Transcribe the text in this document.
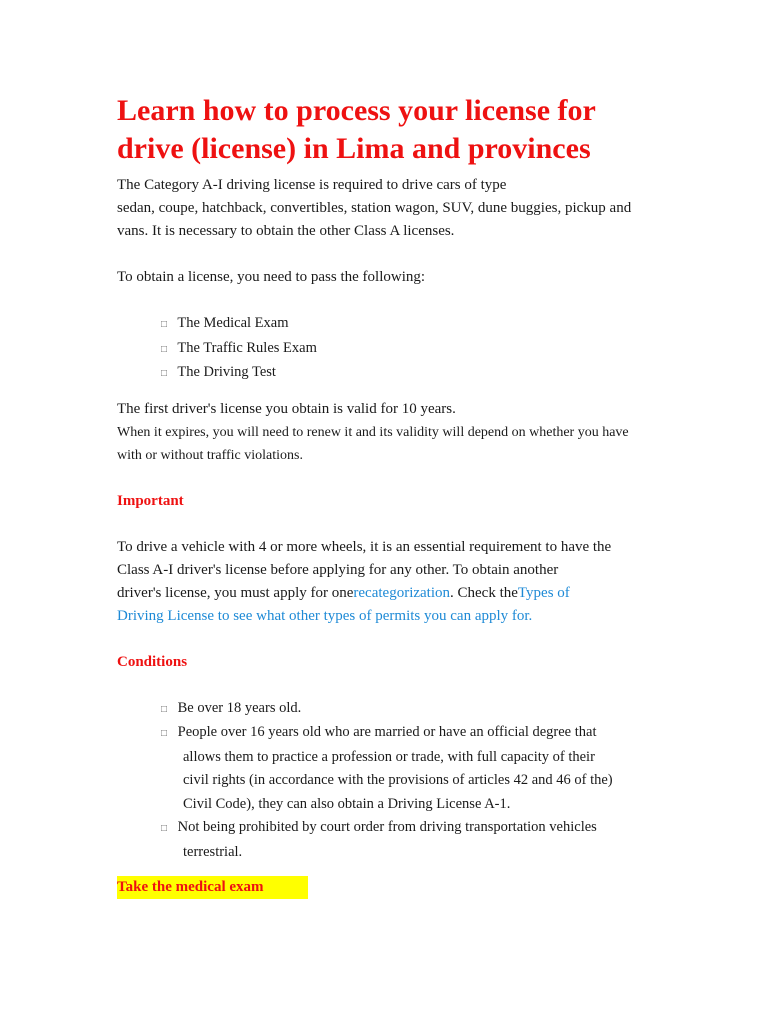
Learn how to process your license for drive (license) in Lima and provinces

The Category A-I driving license is required to drive cars of type

sedan, coupe, hatchback, convertibles, station wagon, SUV, dune buggies, pickup and

vans. It is necessary to obtain the other Class A licenses.

To obtain a license, you need to pass the following:

□ The Medical Exam
□ The Traffic Rules Exam
□ The Driving Test

The first driver's license you obtain is valid for 10 years.

When it expires, you will need to renew it and its validity will depend on whether you have

with or without traffic violations.

Important

To drive a vehicle with 4 or more wheels, it is an essential requirement to have the

Class A-I driver's license before applying for any other. To obtain another

driver's license, you must apply for onerecategorization. Check theTypes of

Driving License to see what other types of permits you can apply for.

Conditions
□ Be over 18 years old.
□ People over 16 years old who are married or have an official degree that
allows them to practice a profession or trade, with full capacity of their
civil rights (in accordance with the provisions of articles 42 and 46 of the)
Civil Code), they can also obtain a Driving License A-1.
□ Not being prohibited by court order from driving transportation vehicles
terrestrial.
Take the medical exam
